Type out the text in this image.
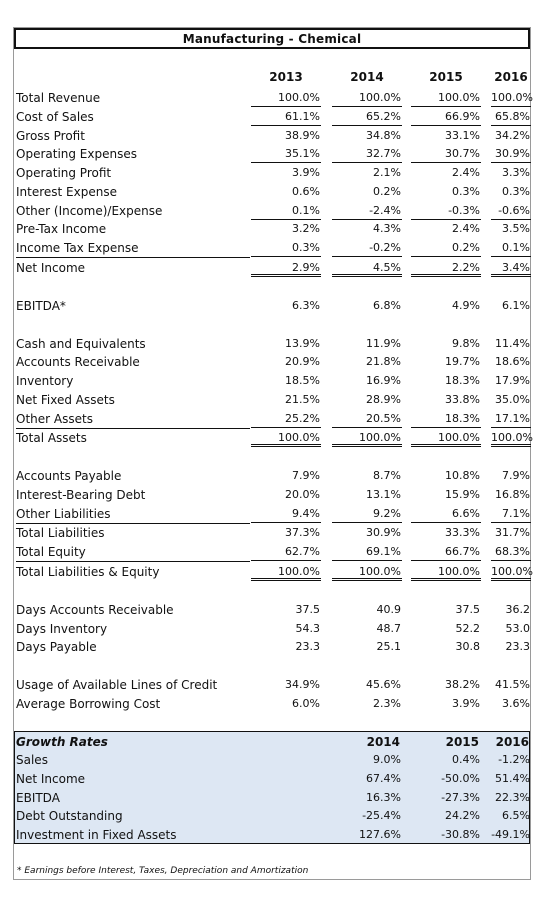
Manufacturing - Chemical
2013	2014	2015	2016
Total Revenue	100.0%	100.0%	100.0% 100.0%
Cost of Sales	61.1%	65.2%	66.9%	65.8%
Gross Profit	38.9%	34.8%	33.1%	34.2%
Operating Expenses	35.1%	32.7%	30.7%	30.9%
Operating Profit	3.9%	2.1%	2.4%	3.3%
Interest Expense	0.6%	0.2%	0.3%	0.3%
Other (Income)/Expense	0.1%	-2.4%	-0.3%	-0.6%
Pre-Tax Income	3.2%	4.3%	2.4%	3.5%
Income Tax Expense	0.3%	-0.2%	0.2%	0.1%
Net Income	2.9%	4.5%	2.2%	3.4%
EBITDA*	6.3%	6.8%	4.9%	6.1%
Cash and Equivalents	13.9%	11.9%	9.8%	11.4%
Accounts Receivable	20.9%	21.8%	19.7%	18.6%
Inventory	18.5%	16.9%	18.3%	17.9%
Net Fixed Assets	21.5%	28.9%	33.8%	35.0%
Other Assets	25.2%	20.5%	18.3%	17.1%
Total Assets	100.0%	100.0%	100.0% 100.0%
Accounts Payable	7.9%	8.7%	10.8%	7.9%
Interest-Bearing Debt	20.0%	13.1%	15.9%	16.8%
Other Liabilities	9.4%	9.2%	6.6%	7.1%
Total Liabilities	37.3%	30.9%	33.3%	31.7%
Total Equity	62.7%	69.1%	66.7%	68.3%
Total Liabilities & Equity	100.0%	100.0%	100.0% 100.0%
Days Accounts Receivable	37.5	40.9	37.5	36.2
Days Inventory	54.3	48.7	52.2	53.0
Days Payable	23.3	25.1	30.8	23.3
Usage of Available Lines of Credit	34.9%	45.6%	38.2%	41.5%
Average Borrowing Cost	6.0%	2.3%	3.9%	3.6%
Growth Rates	2014	2015	2016
Sales	9.0%	0.4%	-1.2%
Net Income	67.4%	-50.0%	51.4%
EBITDA	16.3%	-27.3%	22.3%
Debt Outstanding	-25.4%	24.2%	6.5%
Investment in Fixed Assets	127.6%	-30.8% -49.1%
* Earnings before Interest, Taxes, Depreciation and Amortization
